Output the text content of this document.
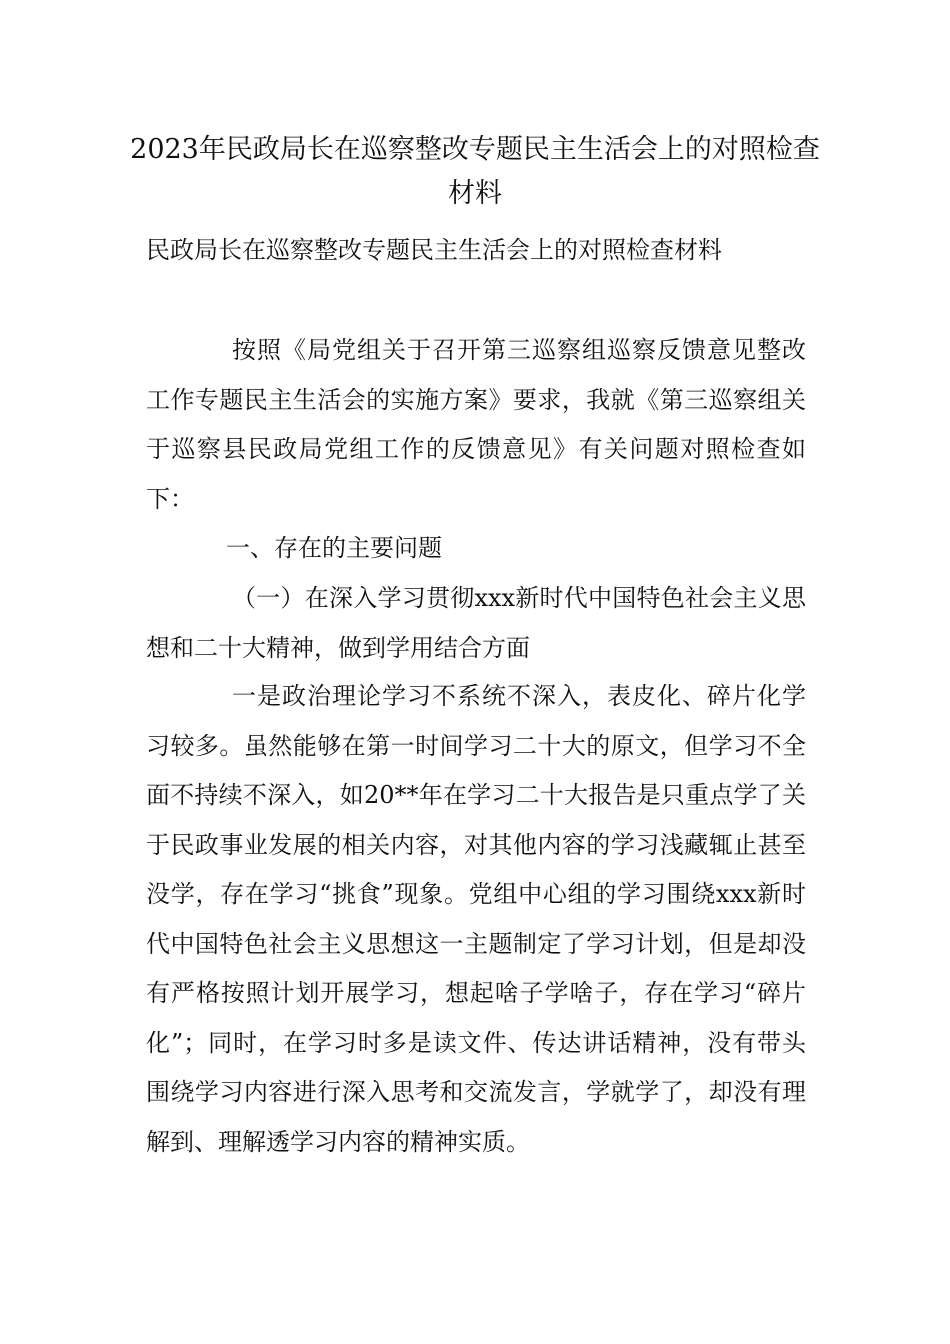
2023年民政局长在巡察整改专题民主生活会上的对照检查材料
民政局长在巡察整改专题民主生活会上的对照检查材料

按照《局党组关于召开第三巡察组巡察反馈意见整改工作专题民主生活会的实施方案》要求，我就《第三巡察组关于巡察县民政局党组工作的反馈意见》有关问题对照检查如下：

一、存在的主要问题

（一）在深入学习贯彻xxx新时代中国特色社会主义思想和二十大精神，做到学用结合方面

一是政治理论学习不系统不深入，表皮化、碎片化学习较多。虽然能够在第一时间学习二十大的原文，但学习不全面不持续不深入，如20**年在学习二十大报告是只重点学了关于民政事业发展的相关内容，对其他内容的学习浅藏辄止甚至没学，存在学习“挑食”现象。党组中心组的学习围绕xxx新时代中国特色社会主义思想这一主题制定了学习计划，但是却没有严格按照计划开展学习，想起啥子学啥子，存在学习“碎片化”；同时，在学习时多是读文件、传达讲话精神，没有带头围绕学习内容进行深入思考和交流发言，学就学了，却没有理解到、理解透学习内容的精神实质。
